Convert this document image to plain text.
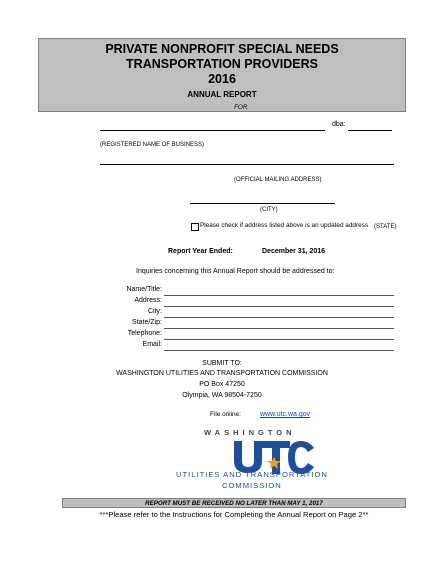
PRIVATE NONPROFIT SPECIAL NEEDS
TRANSPORTATION PROVIDERS
2016
ANNUAL REPORT
FOR
dba:
(REGISTERED NAME OF BUSINESS)
(OFFICIAL MAILING ADDRESS)
(CITY)
Please check if address listed above is an updated address (STATE)
Report Year Ended:	December 31, 2016
Inquiries concerning this Annual Report should be addressed to:
Name/Title:
Address:
City:
State/Zip:
Telephone:
Email:
SUBMIT TO:
WASHINGTON UTILITIES AND TRANSPORTATION COMMISSION
PO Box 47250
Olympia, WA 98504-7250
File online:	www.utc.wa.gov
WASHINGTON
UTILITIES AND TRANSPORTATION
COMMISSION
REPORT MUST BE RECEIVED NO LATER THAN MAY 1, 2017
***Please refer to the Instructions for Completing the Annual Report on Page 2**
